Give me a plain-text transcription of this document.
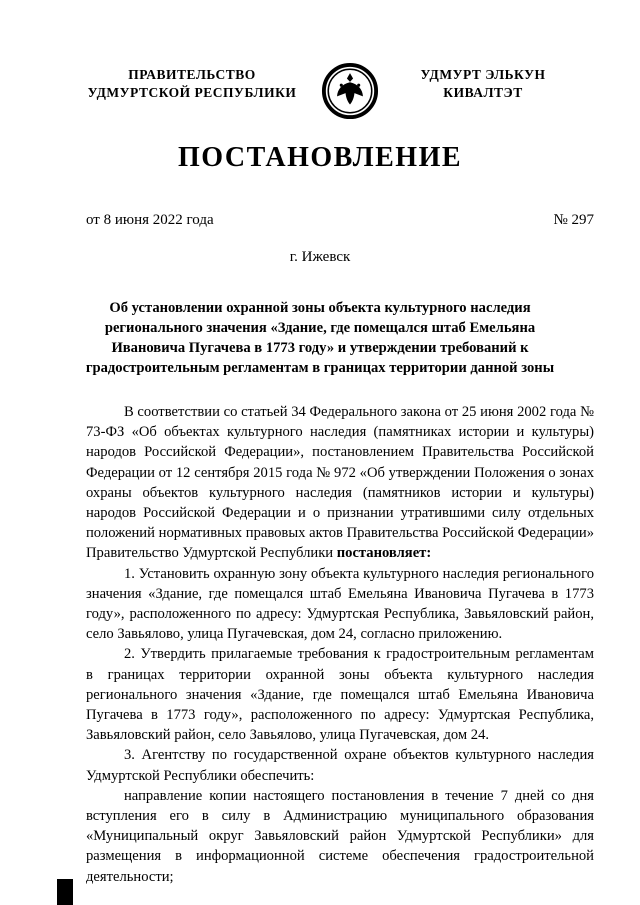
ПРАВИТЕЛЬСТВО
УДМУРТСКОЙ РЕСПУБЛИКИ
УДМУРТ ЭЛЬКУН
КИВАЛТЭТ
ПОСТАНОВЛЕНИЕ
от 8 июня 2022 года	№ 297
г. Ижевск
Об установлении охранной зоны объекта культурного наследия регионального значения «Здание, где помещался штаб Емельяна Ивановича Пугачева в 1773 году» и утверждении требований к градостроительным регламентам в границах территории данной зоны

В соответствии со статьей 34 Федерального закона от 25 июня 2002 года № 73-ФЗ «Об объектах культурного наследия (памятниках истории и культуры) народов Российской Федерации», постановлением Правительства Российской Федерации от 12 сентября 2015 года № 972 «Об утверждении Положения о зонах охраны объектов культурного наследия (памятников истории и культуры) народов Российской Федерации и о признании утратившими силу отдельных положений нормативных правовых актов Правительства Российской Федерации» Правительство Удмуртской Республики постановляет:

1. Установить охранную зону объекта культурного наследия регионального значения «Здание, где помещался штаб Емельяна Ивановича Пугачева в 1773 году», расположенного по адресу: Удмуртская Республика, Завьяловский район, село Завьялово, улица Пугачевская, дом 24, согласно приложению.

2. Утвердить прилагаемые требования к градостроительным регламентам в границах территории охранной зоны объекта культурного наследия регионального значения «Здание, где помещался штаб Емельяна Ивановича Пугачева в 1773 году», расположенного по адресу: Удмуртская Республика, Завьяловский район, село Завьялово, улица Пугачевская, дом 24.

3. Агентству по государственной охране объектов культурного наследия Удмуртской Республики обеспечить:

направление копии настоящего постановления в течение 7 дней со дня вступления его в силу в Администрацию муниципального образования «Муниципальный округ Завьяловский район Удмуртской Республики» для размещения в информационной системе обеспечения градостроительной деятельности;
